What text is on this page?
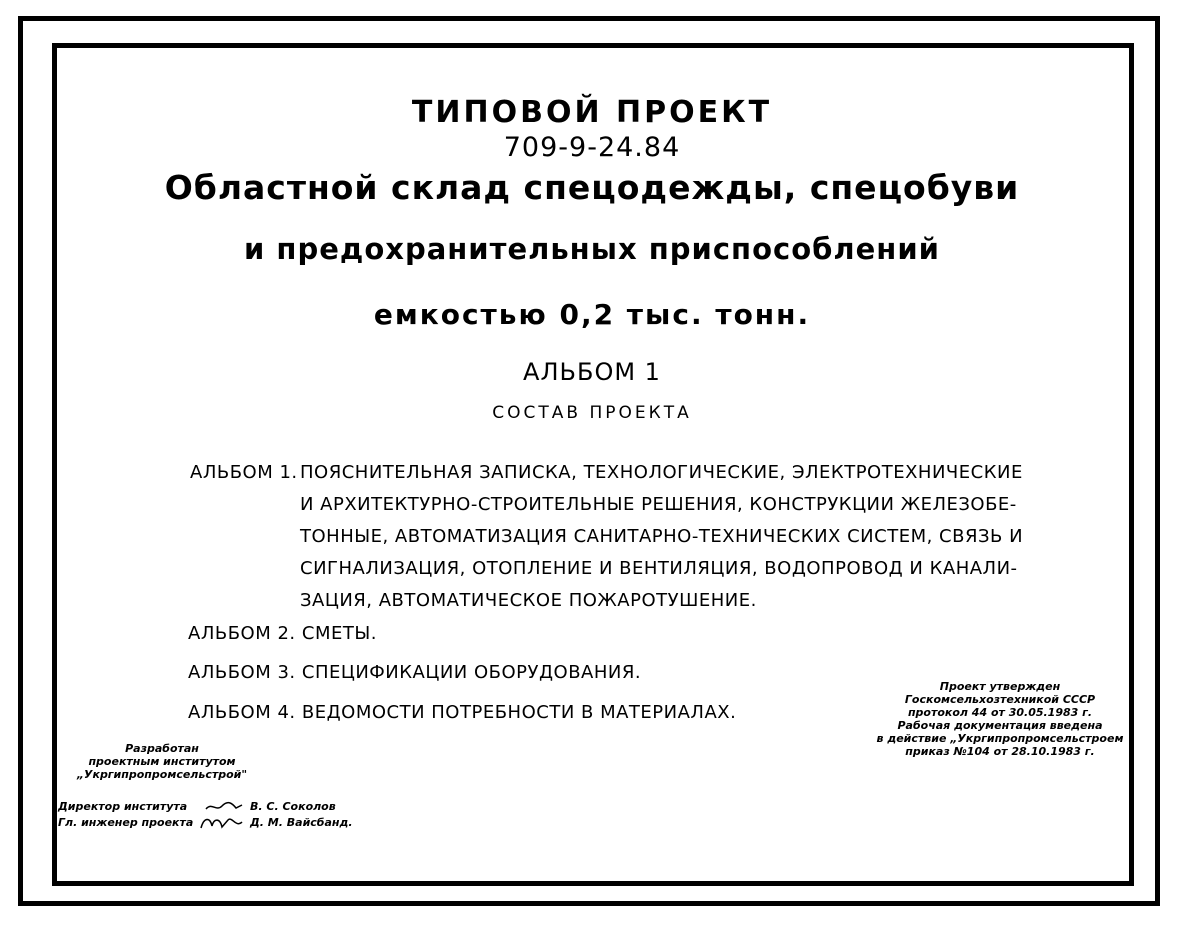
ТИПОВОЙ ПРОЕКТ
709-9-24.84
Областной склад спецодежды, спецобуви
и предохранительных приспособлений
емкостью 0,2 тыс. тонн.
АЛЬБОМ 1
СОСТАВ ПРОЕКТА
АЛЬБОМ 1. ПОЯСНИТЕЛЬНАЯ ЗАПИСКА, ТЕХНОЛОГИЧЕСКИЕ, ЭЛЕКТРОТЕХНИЧЕСКИЕ
И АРХИТЕКТУРНО-СТРОИТЕЛЬНЫЕ РЕШЕНИЯ, КОНСТРУКЦИИ ЖЕЛЕЗОБЕ-
ТОННЫЕ, АВТОМАТИЗАЦИЯ САНИТАРНО-ТЕХНИЧЕСКИХ СИСТЕМ, СВЯЗЬ И
СИГНАЛИЗАЦИЯ, ОТОПЛЕНИЕ И ВЕНТИЛЯЦИЯ, ВОДОПРОВОД И КАНАЛИ-
ЗАЦИЯ, АВТОМАТИЧЕСКОЕ ПОЖАРОТУШЕНИЕ.
АЛЬБОМ 2. СМЕТЫ.
АЛЬБОМ 3. СПЕЦИФИКАЦИИ ОБОРУДОВАНИЯ.
АЛЬБОМ 4. ВЕДОМОСТИ ПОТРЕБНОСТИ В МАТЕРИАЛАХ.
Проект утвержден
Госкомсельхозтехникой СССР
протокол 44 от 30.05.1983 г.
Рабочая документация введена
в действие „Укргипропромсельстроем
приказ №104 от 28.10.1983 г.
Разработан
проектным институтом
„Укргипропромсельстрой"
Директор института	В. С. Соколов
Гл. инженер проекта	Д. М. Вайсбанд.
